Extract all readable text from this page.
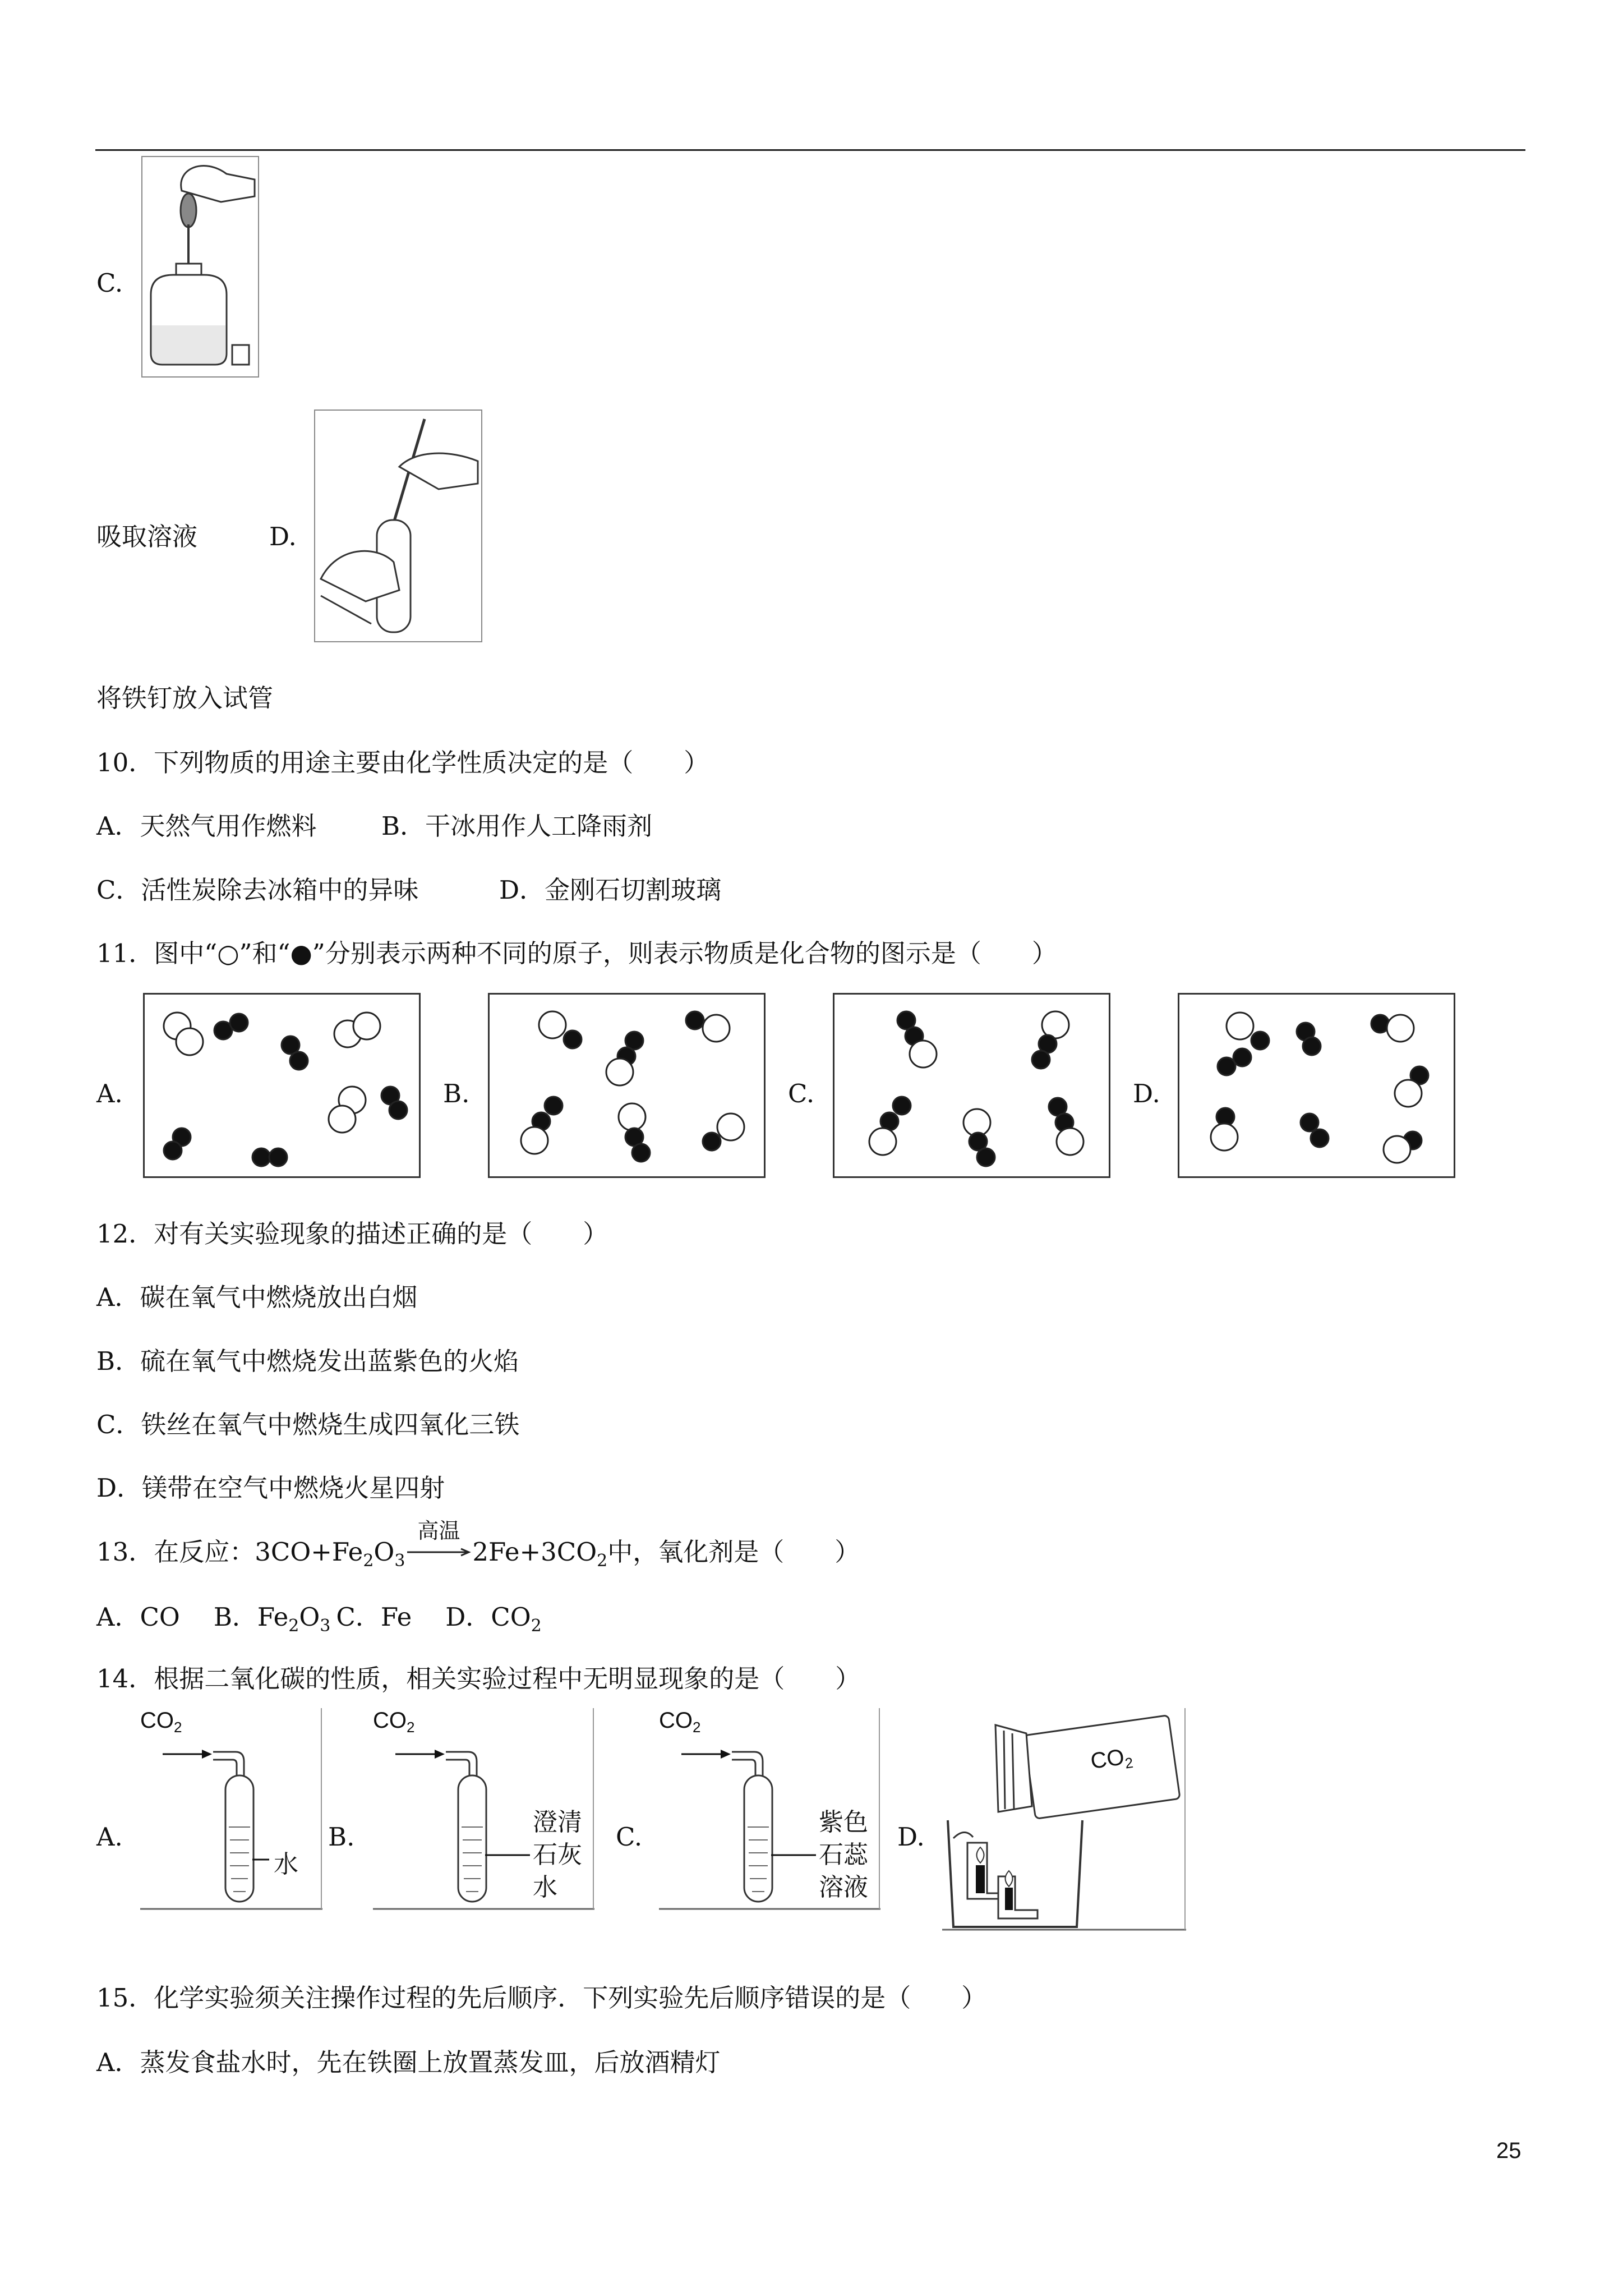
C.
吸取溶液	D.
将铁钉放入试管
10．下列物质的用途主要由化学性质决定的是（　　）
A．天然气用作燃料	B．干冰用作人工降雨剂
C．活性炭除去冰箱中的异味	D．金刚石切割玻璃
11．图中“○”和“●”分别表示两种不同的原子，则表示物质是化合物的图示是（　　）
A.	B.	C.	D.
12．对有关实验现象的描述正确的是（　　）
A．碳在氧气中燃烧放出白烟
B．硫在氧气中燃烧发出蓝紫色的火焰
C．铁丝在氧气中燃烧生成四氧化三铁
D．镁带在空气中燃烧火星四射
13．在反应：$3CO+Fe_2O_3$
高温
$2Fe+3CO_2$中，氧化剂是（　　）
A．CO B．$Fe_2O_3$ C．Fe D．$CO_2$
14．根据二氧化碳的性质，相关实验过程中无明显现象的是（　　）
A.
$CO_2$
水
B.
$CO_2$
澄清
石灰
水
C.
$CO_2$
紫色
石蕊
溶液
D.
$CO_2$
15．化学实验须关注操作过程的先后顺序．下列实验先后顺序错误的是（　　）
A．蒸发食盐水时，先在铁圈上放置蒸发皿，后放酒精灯
25
